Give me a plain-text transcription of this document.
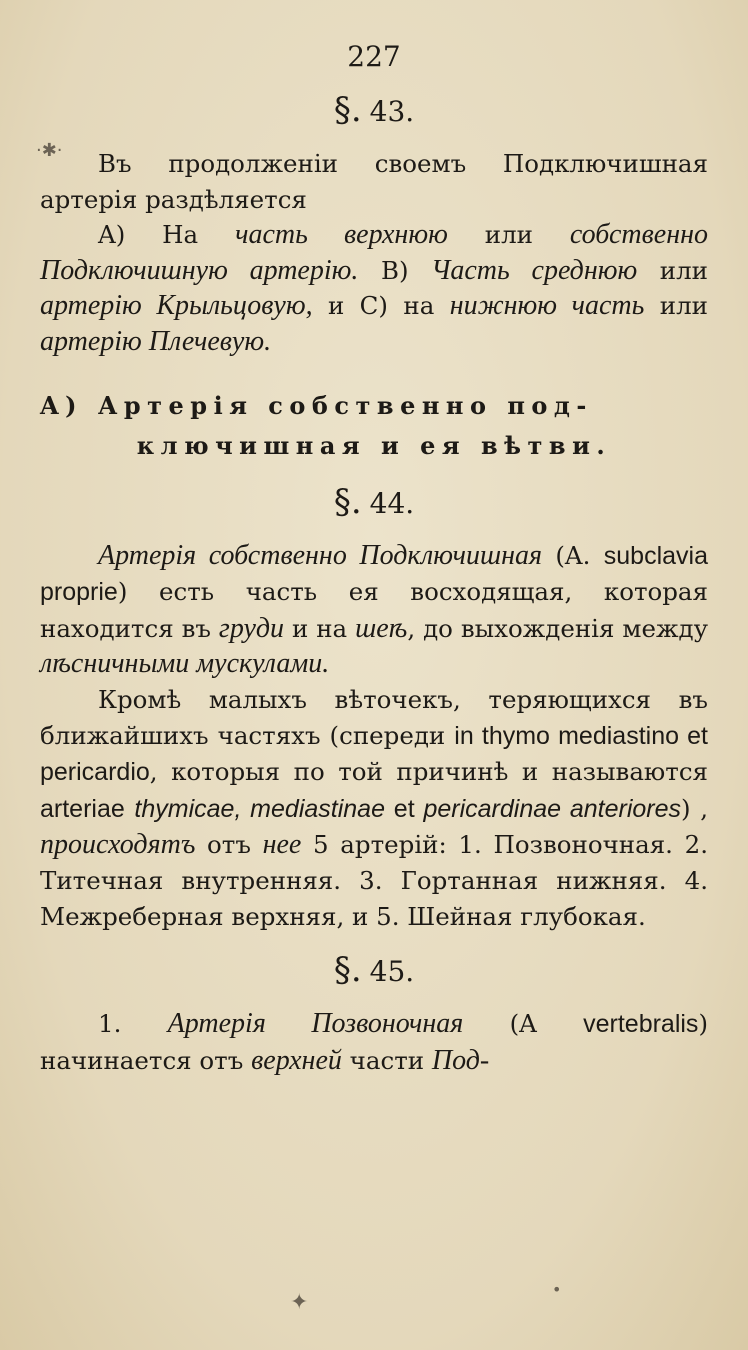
227
§. 43.

Въ продолженіи своемъ Подключишная артерія раздѣляется

A) На часть верхнюю или собственно Подключишную артерію. B) Часть среднюю или артерію Крыльцовую, и C) на нижнюю часть или артерію Плечевую.

A) Артерія собственно под-
ключишная и ея вѣтви.
§. 44.

Артерія собственно Подключишная (A. subclavia proprie) есть часть ея восходящая, которая находится въ груди и на шеѣ, до выхожденія между лѣсничными мускулами.

Кромѣ малыхъ вѣточекъ, теряющихся въ ближайшихъ частяхъ (спереди in thymo mediastino et pericardio, которыя по той причинѣ и называются arteriae thymicae, mediastinae et pericardinae anteriores) , происходятъ отъ нее 5 артерій: 1. Позвоночная. 2. Титечная внутренняя. 3. Гортанная нижняя. 4. Межреберная верхняя, и 5. Шейная глубокая.

§. 45.

1. Артерія Позвоночная (A vertebralis) начинается отъ верхней части Под-

·✱·
✦
•
